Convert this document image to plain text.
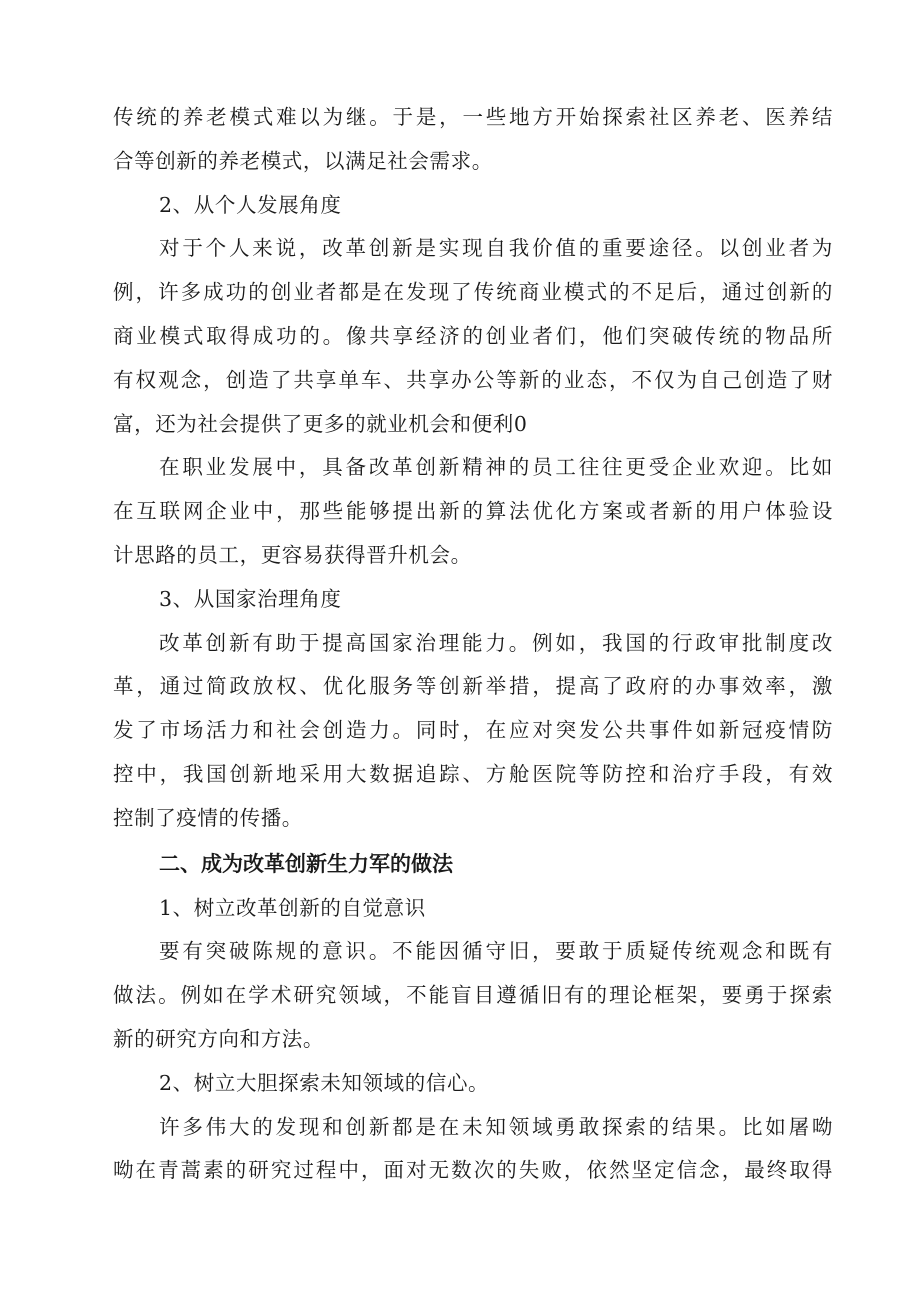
传统的养老模式难以为继。于是，一些地方开始探索社区养老、医养结
合等创新的养老模式，以满足社会需求。
2、从个人发展角度
对于个人来说，改革创新是实现自我价值的重要途径。以创业者为
例，许多成功的创业者都是在发现了传统商业模式的不足后，通过创新的
商业模式取得成功的。像共享经济的创业者们，他们突破传统的物品所
有权观念，创造了共享单车、共享办公等新的业态，不仅为自己创造了财
富，还为社会提供了更多的就业机会和便利0
在职业发展中，具备改革创新精神的员工往往更受企业欢迎。比如
在互联网企业中，那些能够提出新的算法优化方案或者新的用户体验设
计思路的员工，更容易获得晋升机会。
3、从国家治理角度
改革创新有助于提高国家治理能力。例如，我国的行政审批制度改
革，通过简政放权、优化服务等创新举措，提高了政府的办事效率，激
发了市场活力和社会创造力。同时，在应对突发公共事件如新冠疫情防
控中，我国创新地采用大数据追踪、方舱医院等防控和治疗手段，有效
控制了疫情的传播。
二、成为改革创新生力军的做法
1、树立改革创新的自觉意识
要有突破陈规的意识。不能因循守旧，要敢于质疑传统观念和既有
做法。例如在学术研究领域，不能盲目遵循旧有的理论框架，要勇于探索
新的研究方向和方法。
2、树立大胆探索未知领域的信心。
许多伟大的发现和创新都是在未知领域勇敢探索的结果。比如屠呦
呦在青蒿素的研究过程中，面对无数次的失败，依然坚定信念，最终取得
